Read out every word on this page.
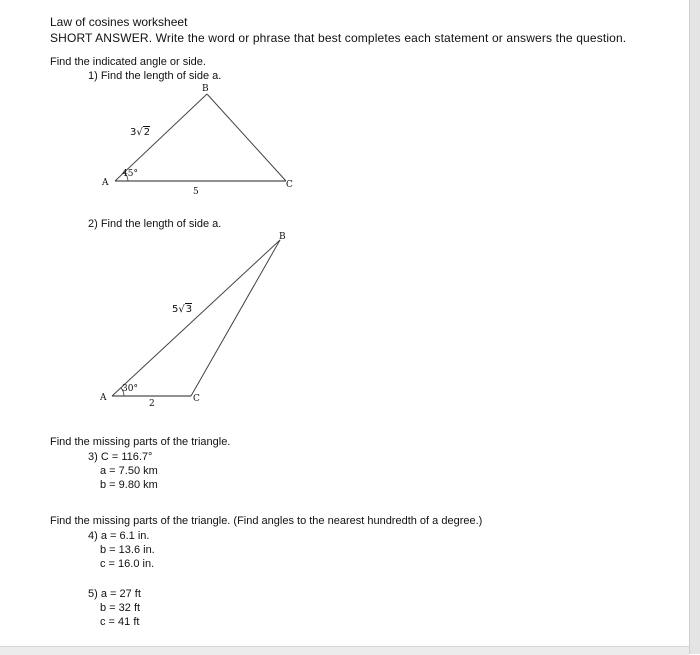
Law of cosines worksheet
SHORT ANSWER. Write the word or phrase that best completes each statement or answers the question.
Find the indicated angle or side.
1) Find the length of side a.
B
A	C
45°
5
3√2
2) Find the length of side a.
B
A	C
30°
2
5√3
Find the missing parts of the triangle.
3) C = 116.7°
a = 7.50 km
b = 9.80 km
Find the missing parts of the triangle. (Find angles to the nearest hundredth of a degree.)
4) a = 6.1 in.
b = 13.6 in.
c = 16.0 in.
5) a = 27 ft
b = 32 ft
c = 41 ft
